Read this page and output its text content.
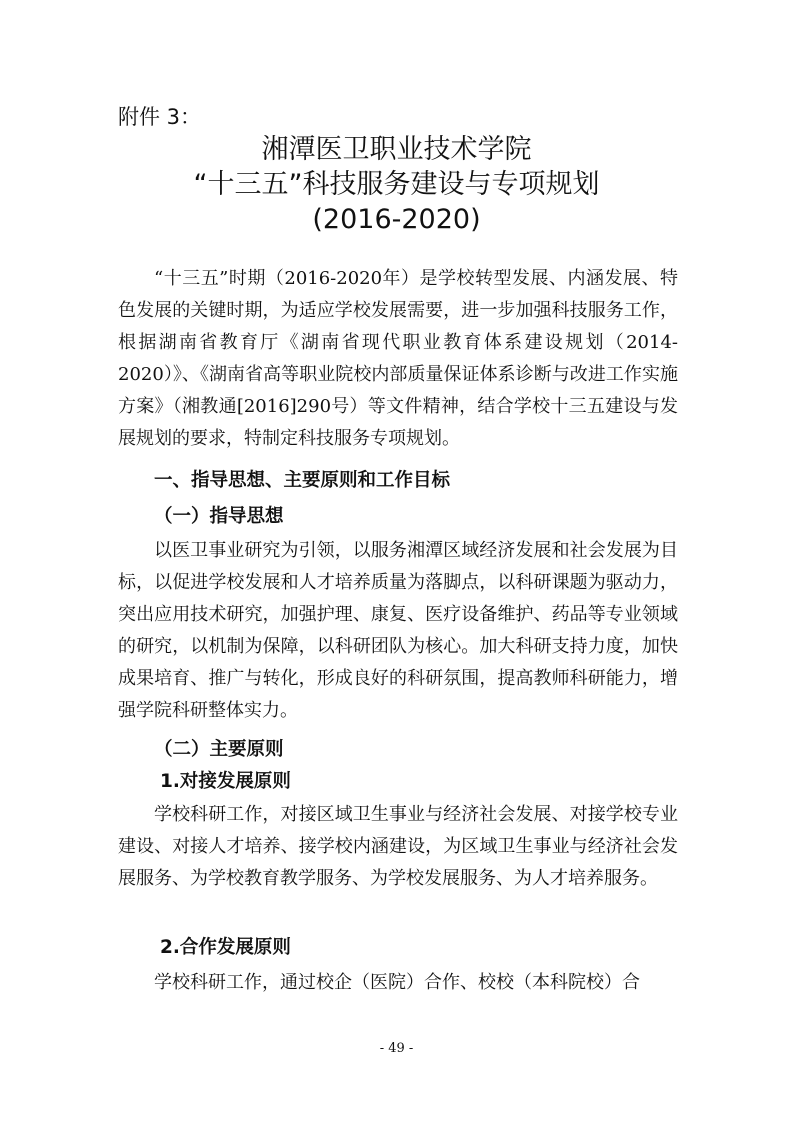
附件 3：
湘潭医卫职业技术学院
“十三五”科技服务建设与专项规划
(2016-2020)

“十三五”时期（2016-2020年）是学校转型发展、内涵发展、特色发展的关键时期，为适应学校发展需要，进一步加强科技服务工作，根据湖南省教育厅《湖南省现代职业教育体系建设规划（2014-2020）》、《湖南省高等职业院校内部质量保证体系诊断与改进工作实施方案》（湘教通[2016]290号）等文件精神，结合学校十三五建设与发展规划的要求，特制定科技服务专项规划。

一、指导思想、主要原则和工作目标
（一）指导思想

以医卫事业研究为引领，以服务湘潭区域经济发展和社会发展为目标，以促进学校发展和人才培养质量为落脚点，以科研课题为驱动力，突出应用技术研究，加强护理、康复、医疗设备维护、药品等专业领域的研究，以机制为保障，以科研团队为核心。加大科研支持力度，加快成果培育、推广与转化，形成良好的科研氛围，提高教师科研能力，增强学院科研整体实力。

（二）主要原则
1.对接发展原则

学校科研工作，对接区域卫生事业与经济社会发展、对接学校专业建设、对接人才培养、接学校内涵建设，为区域卫生事业与经济社会发展服务、为学校教育教学服务、为学校发展服务、为人才培养服务。

2.合作发展原则

学校科研工作，通过校企（医院）合作、校校（本科院校）合

- 49 -
